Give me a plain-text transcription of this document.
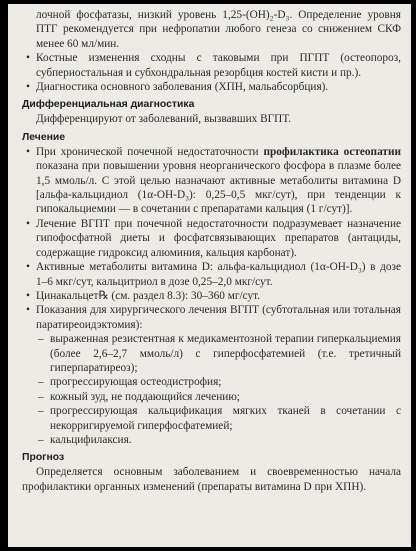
лочной фосфатазы, низкий уровень 1,25-(OH)₂-D₃. Определение уровня ПТГ рекомендуется при нефропатии любого генеза со снижением СКФ менее 60 мл/мин.

• Костные изменения сходны с таковыми при ПГПТ (остеопороз, субпериостальная и субхондральная резорбция костей кисти и пр.).
• Диагностика основного заболевания (ХПН, мальабсорбция).

Дифференциальная диагностика

Дифференцируют от заболеваний, вызвавших ВГПТ.

Лечение

• При хронической почечной недостаточности профилактика остеопатии показана при повышении уровня неорганического фосфора в плазме более 1,5 ммоль/л. С этой целью назначают активные метаболиты витамина D [альфа-кальцидиол (1α-OH-D₃): 0,25–0,5 мкг/сут), при тенденции к гипокальциемии — в сочетании с препаратами кальция (1 г/сут)].
• Лечение ВГПТ при почечной недостаточности подразумевает назначение гипофосфатной диеты и фосфатсвязывающих препаратов (антациды, содержащие гидроксид алюминия, кальция карбонат).
• Активные метаболиты витамина D: альфа-кальцидиол (1α-OH-D₃) в дозе 1–6 мкг/сут, кальцитриол в дозе 0,25–2,0 мкг/сут.
• Цинакальцет℞ (см. раздел 8.3): 30–360 мг/сут.
• Показания для хирургического лечения ВГПТ (субтотальная или тотальная паратиреоидэктомия):
– выраженная резистентная к медикаментозной терапии гиперкальциемия (более 2,6–2,7 ммоль/л) с гиперфосфатемией (т.е. третичный гиперпаратиреоз);
– прогрессирующая остеодистрофия;
– кожный зуд, не поддающийся лечению;
– прогрессирующая кальцификация мягких тканей в сочетании с некорригируемой гиперфосфатемией;
– кальцифилаксия.

Прогноз

Определяется основным заболеванием и своевременностью начала профилактики органных изменений (препараты витамина D при ХПН).
